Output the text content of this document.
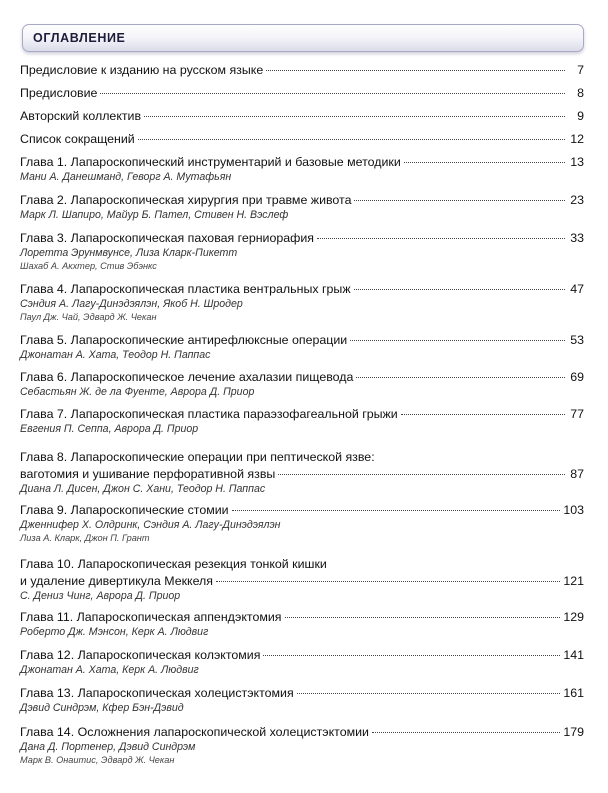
ОГЛАВЛЕНИЕ
Предисловие к изданию на русском языке	7
Предисловие	8
Авторский коллектив	9
Список сокращений	12
Глава 1. Лапароскопический инструментарий и базовые методики	13
Мани А. Данешманд, Геворг А. Мутафьян
Глава 2. Лапароскопическая хирургия при травме живота	23
Марк Л. Шапиро, Майур Б. Пател, Стивен Н. Вэслеф
Глава 3. Лапароскопическая паховая герниорафия	33
Лоретта Эрунмвунсе, Лиза Кларк-Пикетт
Шахаб А. Акхтер, Стив Эбэнкс
Глава 4. Лапароскопическая пластика вентральных грыж	47
Сэндия А. Лагу-Динэдэялэн, Якоб Н. Шродер
Паул Дж. Чай, Эдвард Ж. Чекан
Глава 5. Лапароскопические антирефлюксные операции	53
Джонатан А. Хата, Теодор Н. Паппас
Глава 6. Лапароскопическое лечение ахалазии пищевода	69
Себастьян Ж. де ла Фуенте, Аврора Д. Приор
Глава 7. Лапароскопическая пластика параэзофагеальной грыжи	77
Евгения П. Сеппа, Аврора Д. Приор
Глава 8. Лапароскопические операции при пептической язве:
ваготомия и ушивание перфоративной язвы	87
Диана Л. Дисен, Джон С. Хани, Теодор Н. Паппас
Глава 9. Лапароскопические стомии	103
Дженнифер Х. Олдринк, Сэндия А. Лагу-Динэдэялэн
Лиза А. Кларк, Джон П. Грант
Глава 10. Лапароскопическая резекция тонкой кишки
и удаление дивертикула Меккеля	121
С. Дениз Чинг, Аврора Д. Приор
Глава 11. Лапароскопическая аппендэктомия	129
Роберто Дж. Мэнсон, Керк А. Людвиг
Глава 12. Лапароскопическая колэктомия	141
Джонатан А. Хата, Керк А. Людвиг
Глава 13. Лапароскопическая холецистэктомия	161
Дэвид Синдрэм, Кфер Бэн-Дэвид
Глава 14. Осложнения лапароскопической холецистэктомии	179
Дана Д. Портенер, Дэвид Синдрэм
Марк В. Онаитис, Эдвард Ж. Чекан
